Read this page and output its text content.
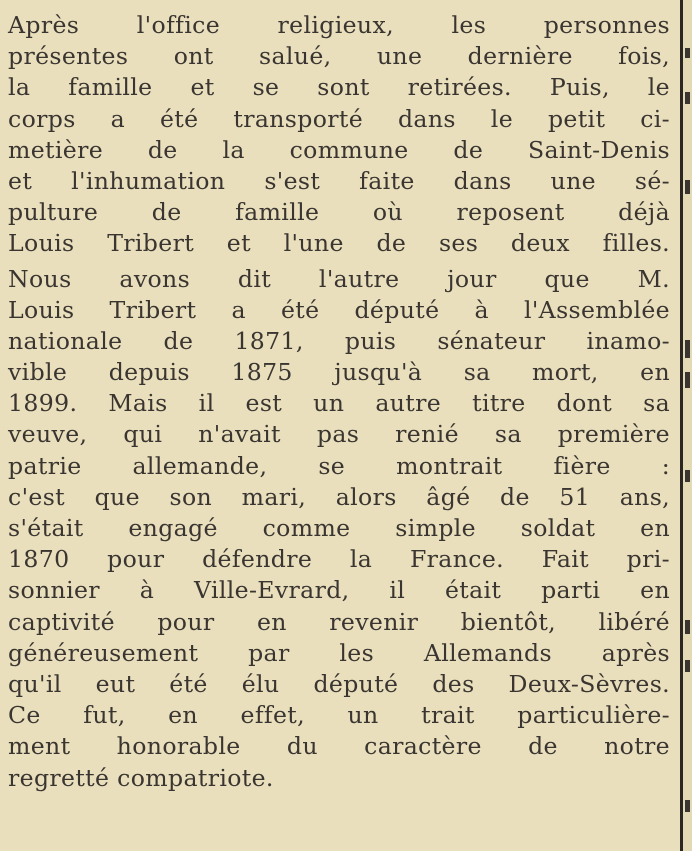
Après l'office religieux, les personnes
présentes ont salué, une dernière fois,
la famille et se sont retirées. Puis, le
corps a été transporté dans le petit ci-
metière de la commune de Saint-Denis
et l'inhumation s'est faite dans une sé-
pulture de famille où reposent déjà
Louis Tribert et l'une de ses deux filles.
Nous avons dit l'autre jour que M.
Louis Tribert a été député à l'Assemblée
nationale de 1871, puis sénateur inamo-
vible depuis 1875 jusqu'à sa mort, en
1899. Mais il est un autre titre dont sa
veuve, qui n'avait pas renié sa première
patrie allemande, se montrait fière :
c'est que son mari, alors âgé de 51 ans,
s'était engagé comme simple soldat en
1870 pour défendre la France. Fait pri-
sonnier à Ville-Evrard, il était parti en
captivité pour en revenir bientôt, libéré
généreusement par les Allemands après
qu'il eut été élu député des Deux-Sèvres.
Ce fut, en effet, un trait particulière-
ment honorable du caractère de notre
regretté compatriote.
